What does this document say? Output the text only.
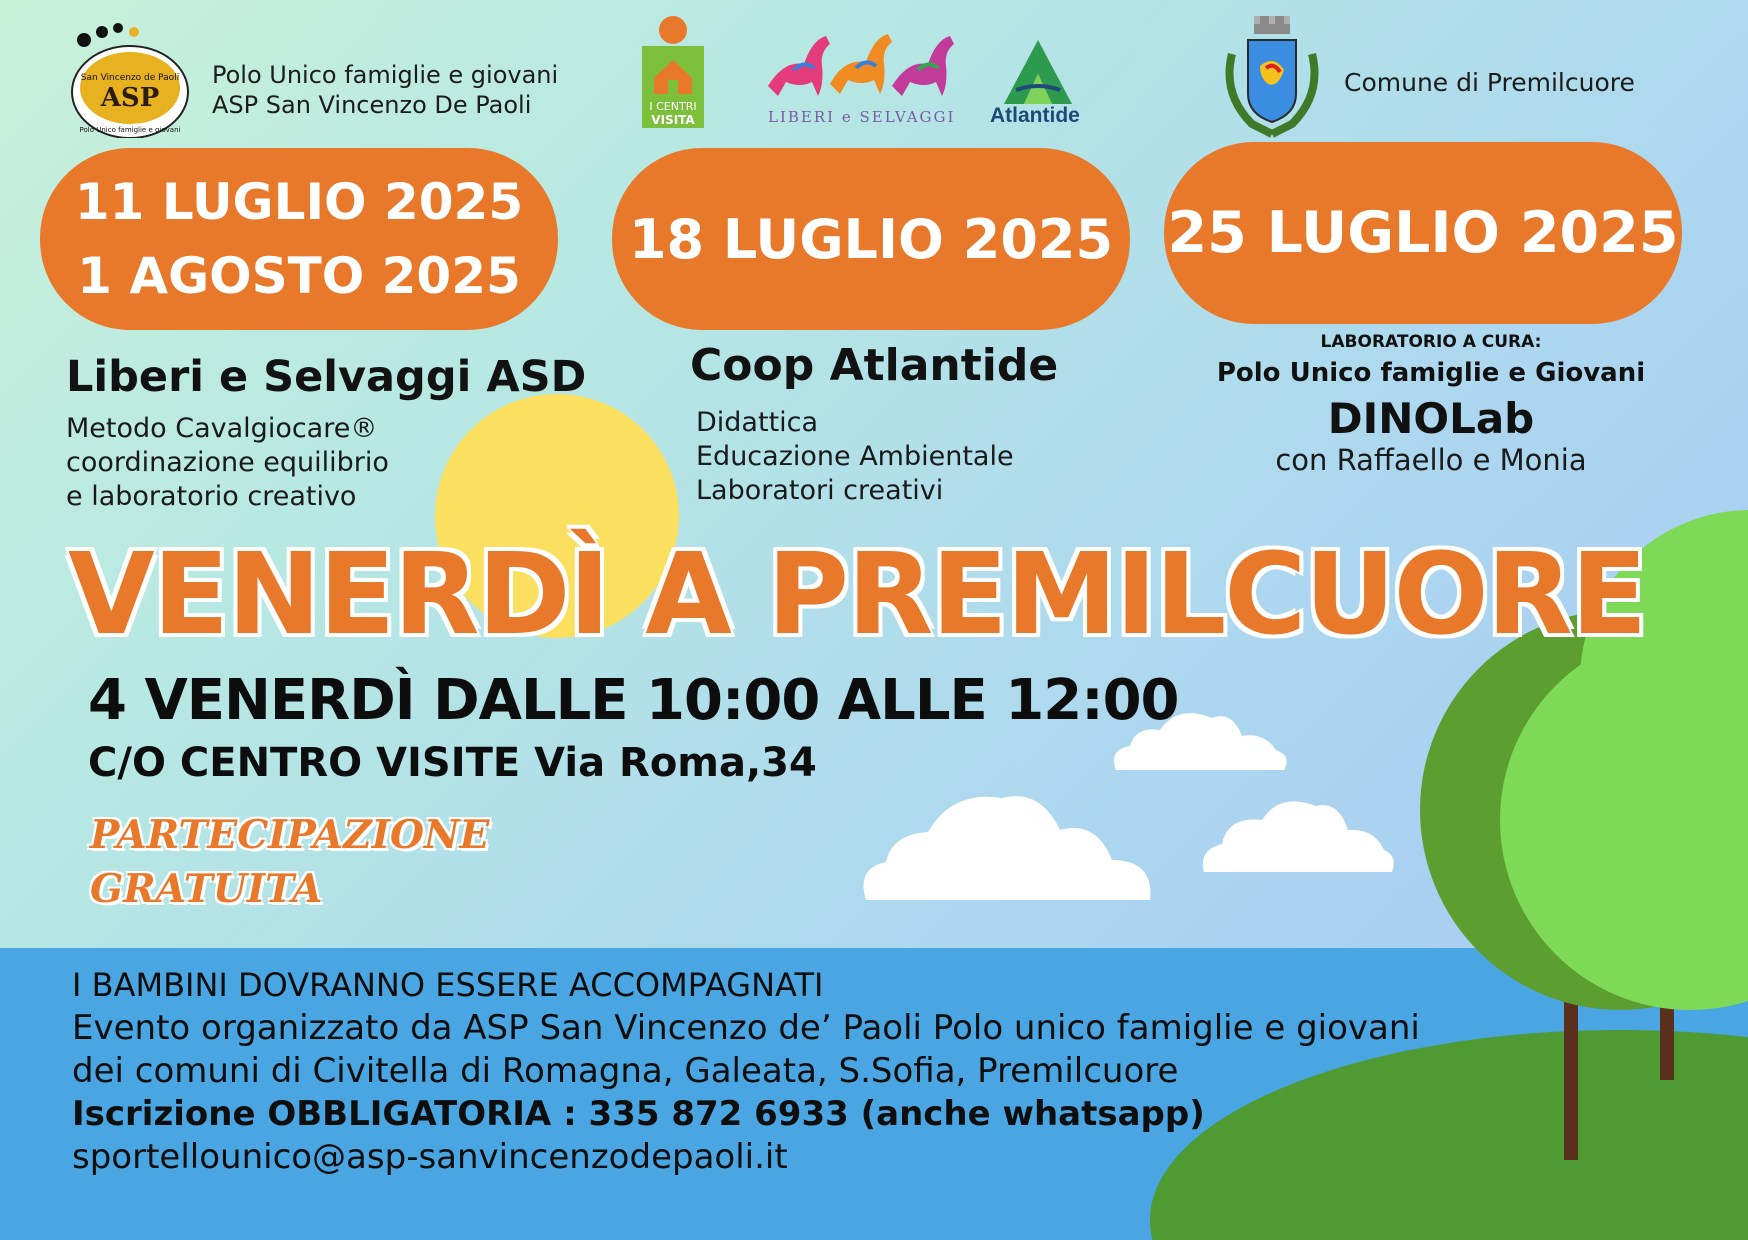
San Vincenzo de Paoli
ASP
Polo Unico famiglie e giovani
Polo Unico famiglie e giovani
ASP San Vincenzo De Paoli	I CENTRI
VISITA	LIBERI e SELVAGGI Atlantide
Comune di Premilcuore
11 LUGLIO 2025
1 AGOSTO 2025
18 LUGLIO 2025 25 LUGLIO 2025
Liberi e Selvaggi ASD
Metodo Cavalgiocare®
coordinazione equilibrio
e laboratorio creativo
Coop Atlantide
Didattica
Educazione Ambientale
Laboratori creativi
LABORATORIO A CURA:
Polo Unico famiglie e Giovani
DINOLab
con Raffaello e Monia
VENERDÌ A PREMILCUORE
4 VENERDÌ DALLE 10:00 ALLE 12:00
C/O CENTRO VISITE Via Roma,34
PARTECIPAZIONE
GRATUITA
I BAMBINI DOVRANNO ESSERE ACCOMPAGNATI
Evento organizzato da ASP San Vincenzo de’ Paoli Polo unico famiglie e giovani
dei comuni di Civitella di Romagna, Galeata, S.Sofia, Premilcuore
Iscrizione OBBLIGATORIA : 335 872 6933 (anche whatsapp)
sportellounico@asp-sanvincenzodepaoli.it
